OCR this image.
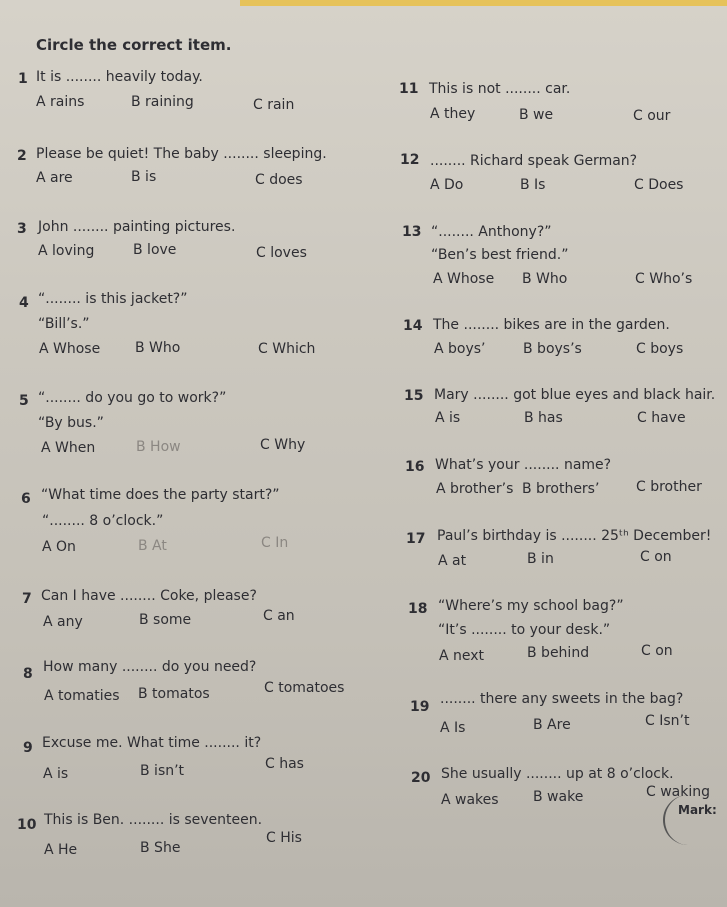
Circle the correct item.
1 It is ........ heavily today.
A rains	B raining	C rain
2 Please be quiet! The baby ........ sleeping.
A are	B is	C does
3 John ........ painting pictures.
A loving	B love	C loves
4 “........ is this jacket?”
“Bill’s.”
A Whose B Who	C Which
5 “........ do you go to work?”
“By bus.”
A When	B How	C Why
6 “What time does the party start?”
“........ 8 o’clock.”
A On	B At	C In
7 Can I have ........ Coke, please?
A any	B some	C an
8 How many ........ do you need?
A tomaties B tomatos	C tomatoes
9 Excuse me. What time ........ it?
A is	B isn’t	C has
10 This is Ben. ........ is seventeen.
A He	B She
C His
11 This is not ........ car.
A they	B we	C our
12 ........ Richard speak German?
A Do	B Is	C Does
13 “........ Anthony?”
“Ben’s best friend.”
A Whose B Who	C Who’s
14 The ........ bikes are in the garden.
A boys’	B boys’s	C boys
15 Mary ........ got blue eyes and black hair.
A is	B has	C have
16 What’s your ........ name?
A brother’s B brothers’	C brother
17 Paul’s birthday is ........ 25ᵗʰ December!
A at	B in	C on
18 “Where’s my school bag?”
“It’s ........ to your desk.”
A next	B behind	C on
19 ........ there any sweets in the bag?
A Is	B Are	C Isn’t
20 She usually ........ up at 8 o’clock.
A wakes B wake	C waking
Mark:
